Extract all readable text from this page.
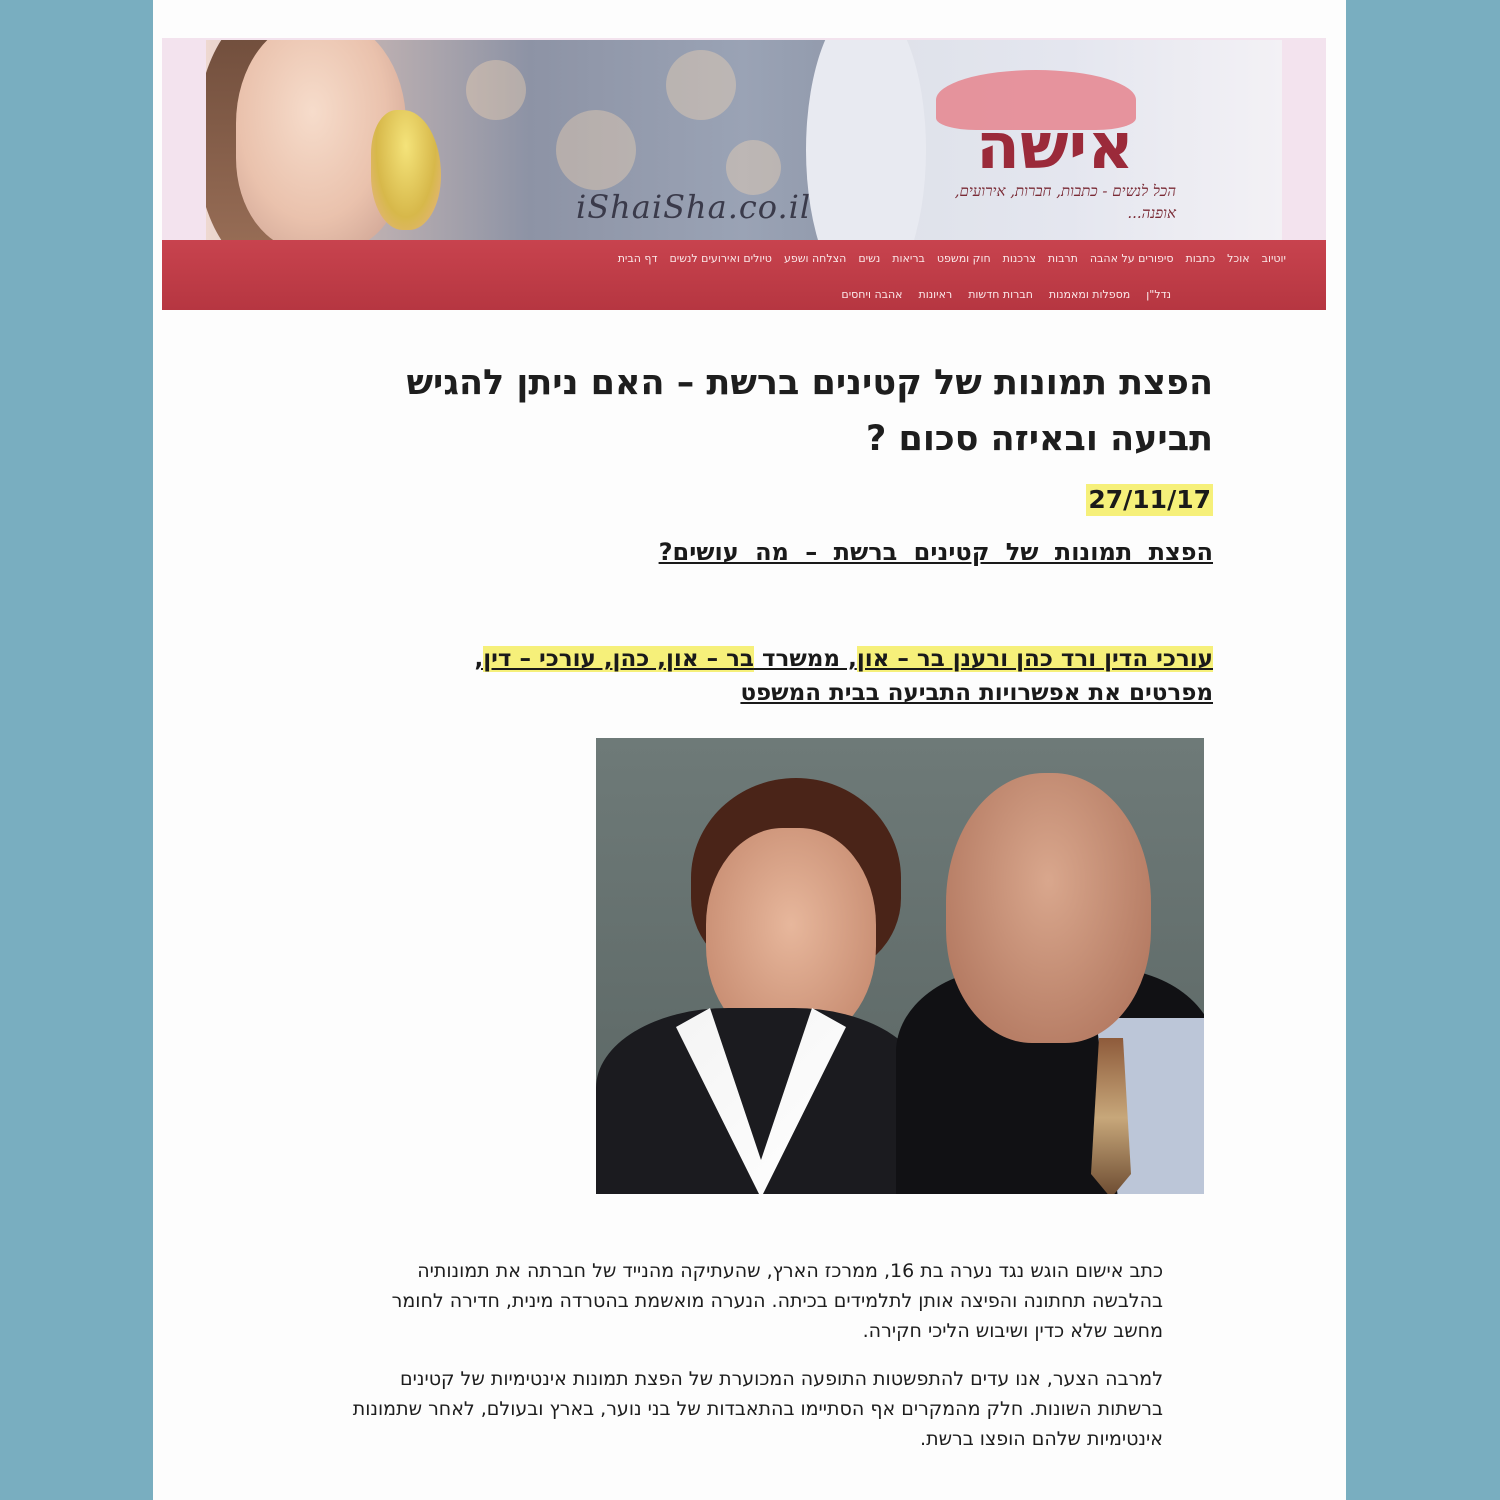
iShaiSha.co.il
אישה
הכל לנשים - כתבות, חברות, אירועים, אופנה...
דף הבית טיולים ואירועים לנשים הצלחה ושפע נשים בריאות חוק ומשפט צרכנות תרבות סיפורים על אהבה כתבות אוכל יוטיוב
אהבה ויחסים ראיונות חברות חדשות מספלות ומאמנות נדל"ן
הפצת תמונות של קטינים ברשת – האם ניתן להגיש תביעה ובאיזה סכום ?
27/11/17
הפצת תמונות של קטינים ברשת – מה עושים?
עורכי הדין ורד כהן ורענן בר – און, ממשרד בר – און, כהן, עורכי – דין, מפרטים את אפשרויות התביעה בבית המשפט

כתב אישום הוגש נגד נערה בת 16, ממרכז הארץ, שהעתיקה מהנייד של חברתה את תמונותיה בהלבשה תחתונה והפיצה אותן לתלמידים בכיתה. הנערה מואשמת בהטרדה מינית, חדירה לחומר מחשב שלא כדין ושיבוש הליכי חקירה.

למרבה הצער, אנו עדים להתפשטות התופעה המכוערת של הפצת תמונות אינטימיות של קטינים ברשתות השונות. חלק מהמקרים אף הסתיימו בהתאבדות של בני נוער, בארץ ובעולם, לאחר שתמונות אינטימיות שלהם הופצו ברשת.
